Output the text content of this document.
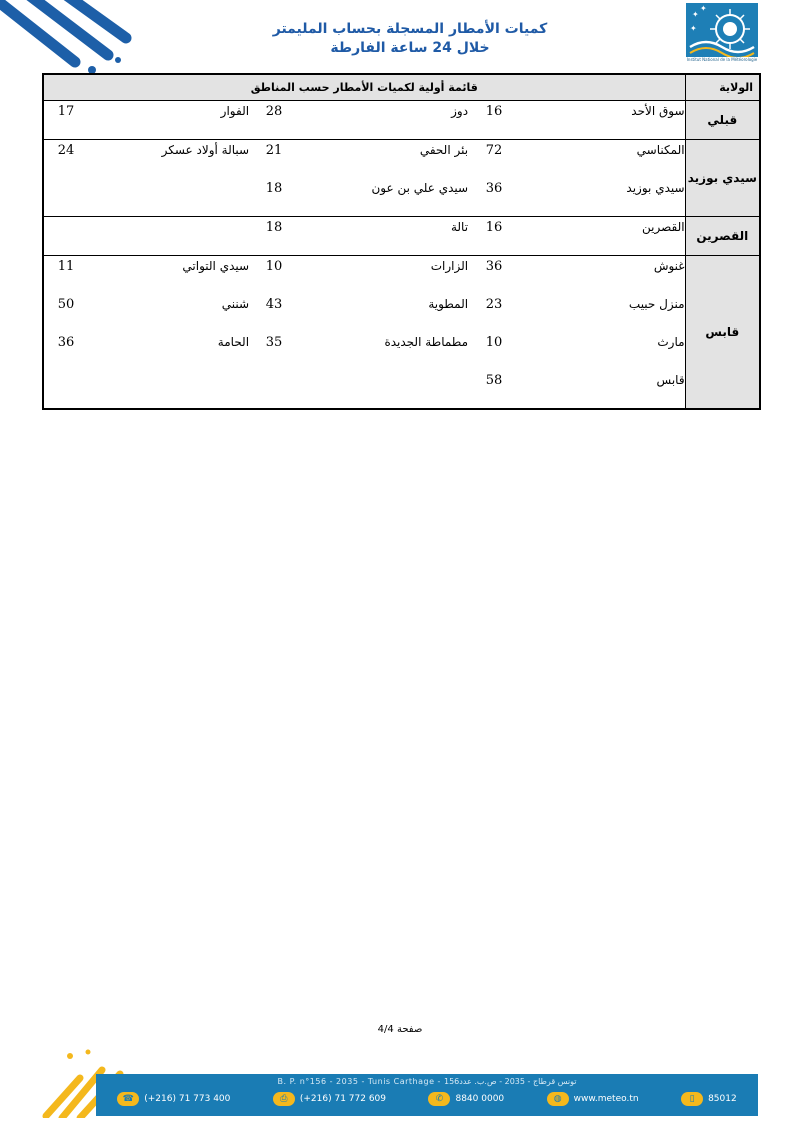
✦
✦
✦
Institut National de la Météorologie
كميات الأمطار المسجلة بحساب المليمتر
خلال 24 ساعة الفارطة
الولاية	قائمة أولية لكميات الأمطار حسب المناطق					
قبلي	سوق الأحد	16	دوز	28	الفوار	17
سيدي بوزيد	المكناسي	72	بئر الحفي	21	سبالة أولاد عسكر	24
	سيدي بوزيد	36	سيدي علي بن عون	18		
القصرين	القصرين	16	تالة	18		
قابس	غنوش	36	الزارات	10	سيدي التواتي	11
	منزل حبيب	23	المطوية	43	شنني	50
	مارث	10	مطماطة الجديدة	35	الحامة	36
	قابس	58				
صفحة 4/4
B. P. n°156 - 2035 - Tunis Carthage - تونس قرطاج - 2035 - ص.ب. عدد156
☎	(+216) 71 773 400	⎙	(+216) 71 772 609	✆	8840 0000	◍	www.meteo.tn	▯	85012
